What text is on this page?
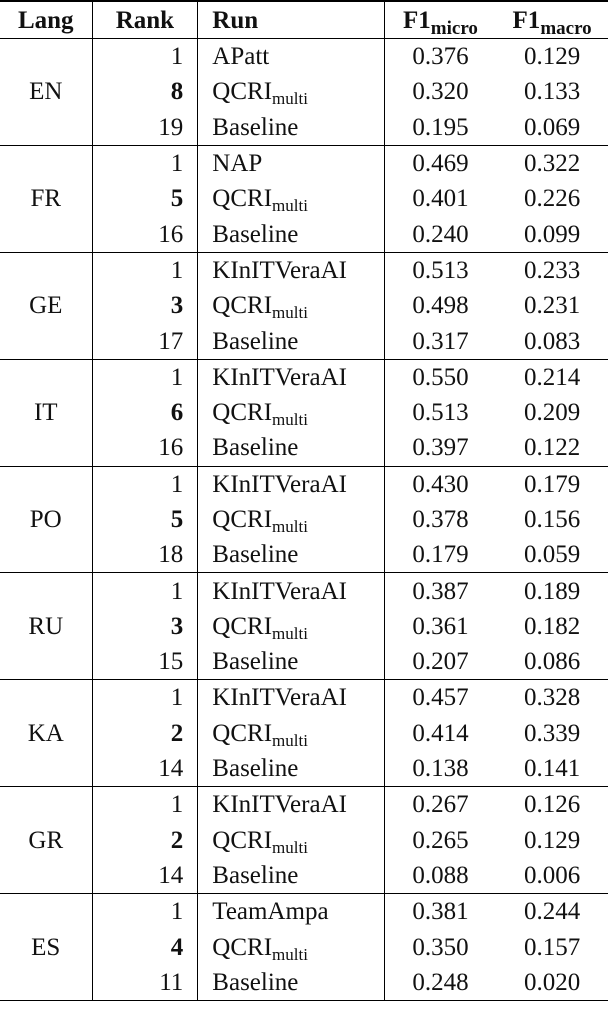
Lang	Rank	Run	$F1_{micro}$	$F1_{macro}$
EN	1	APatt	0.376	0.129
	8	$QCRI_{multi}$	0.320	0.133
	19	Baseline	0.195	0.069
FR	1	NAP	0.469	0.322
	5	$QCRI_{multi}$	0.401	0.226
	16	Baseline	0.240	0.099
GE	1	KInITVeraAI	0.513	0.233
	3	$QCRI_{multi}$	0.498	0.231
	17	Baseline	0.317	0.083
IT	1	KInITVeraAI	0.550	0.214
	6	$QCRI_{multi}$	0.513	0.209
	16	Baseline	0.397	0.122
PO	1	KInITVeraAI	0.430	0.179
	5	$QCRI_{multi}$	0.378	0.156
	18	Baseline	0.179	0.059
RU	1	KInITVeraAI	0.387	0.189
	3	$QCRI_{multi}$	0.361	0.182
	15	Baseline	0.207	0.086
KA	1	KInITVeraAI	0.457	0.328
	2	$QCRI_{multi}$	0.414	0.339
	14	Baseline	0.138	0.141
GR	1	KInITVeraAI	0.267	0.126
	2	$QCRI_{multi}$	0.265	0.129
	14	Baseline	0.088	0.006
ES	1	TeamAmpa	0.381	0.244
	4	$QCRI_{multi}$	0.350	0.157
	11	Baseline	0.248	0.020
